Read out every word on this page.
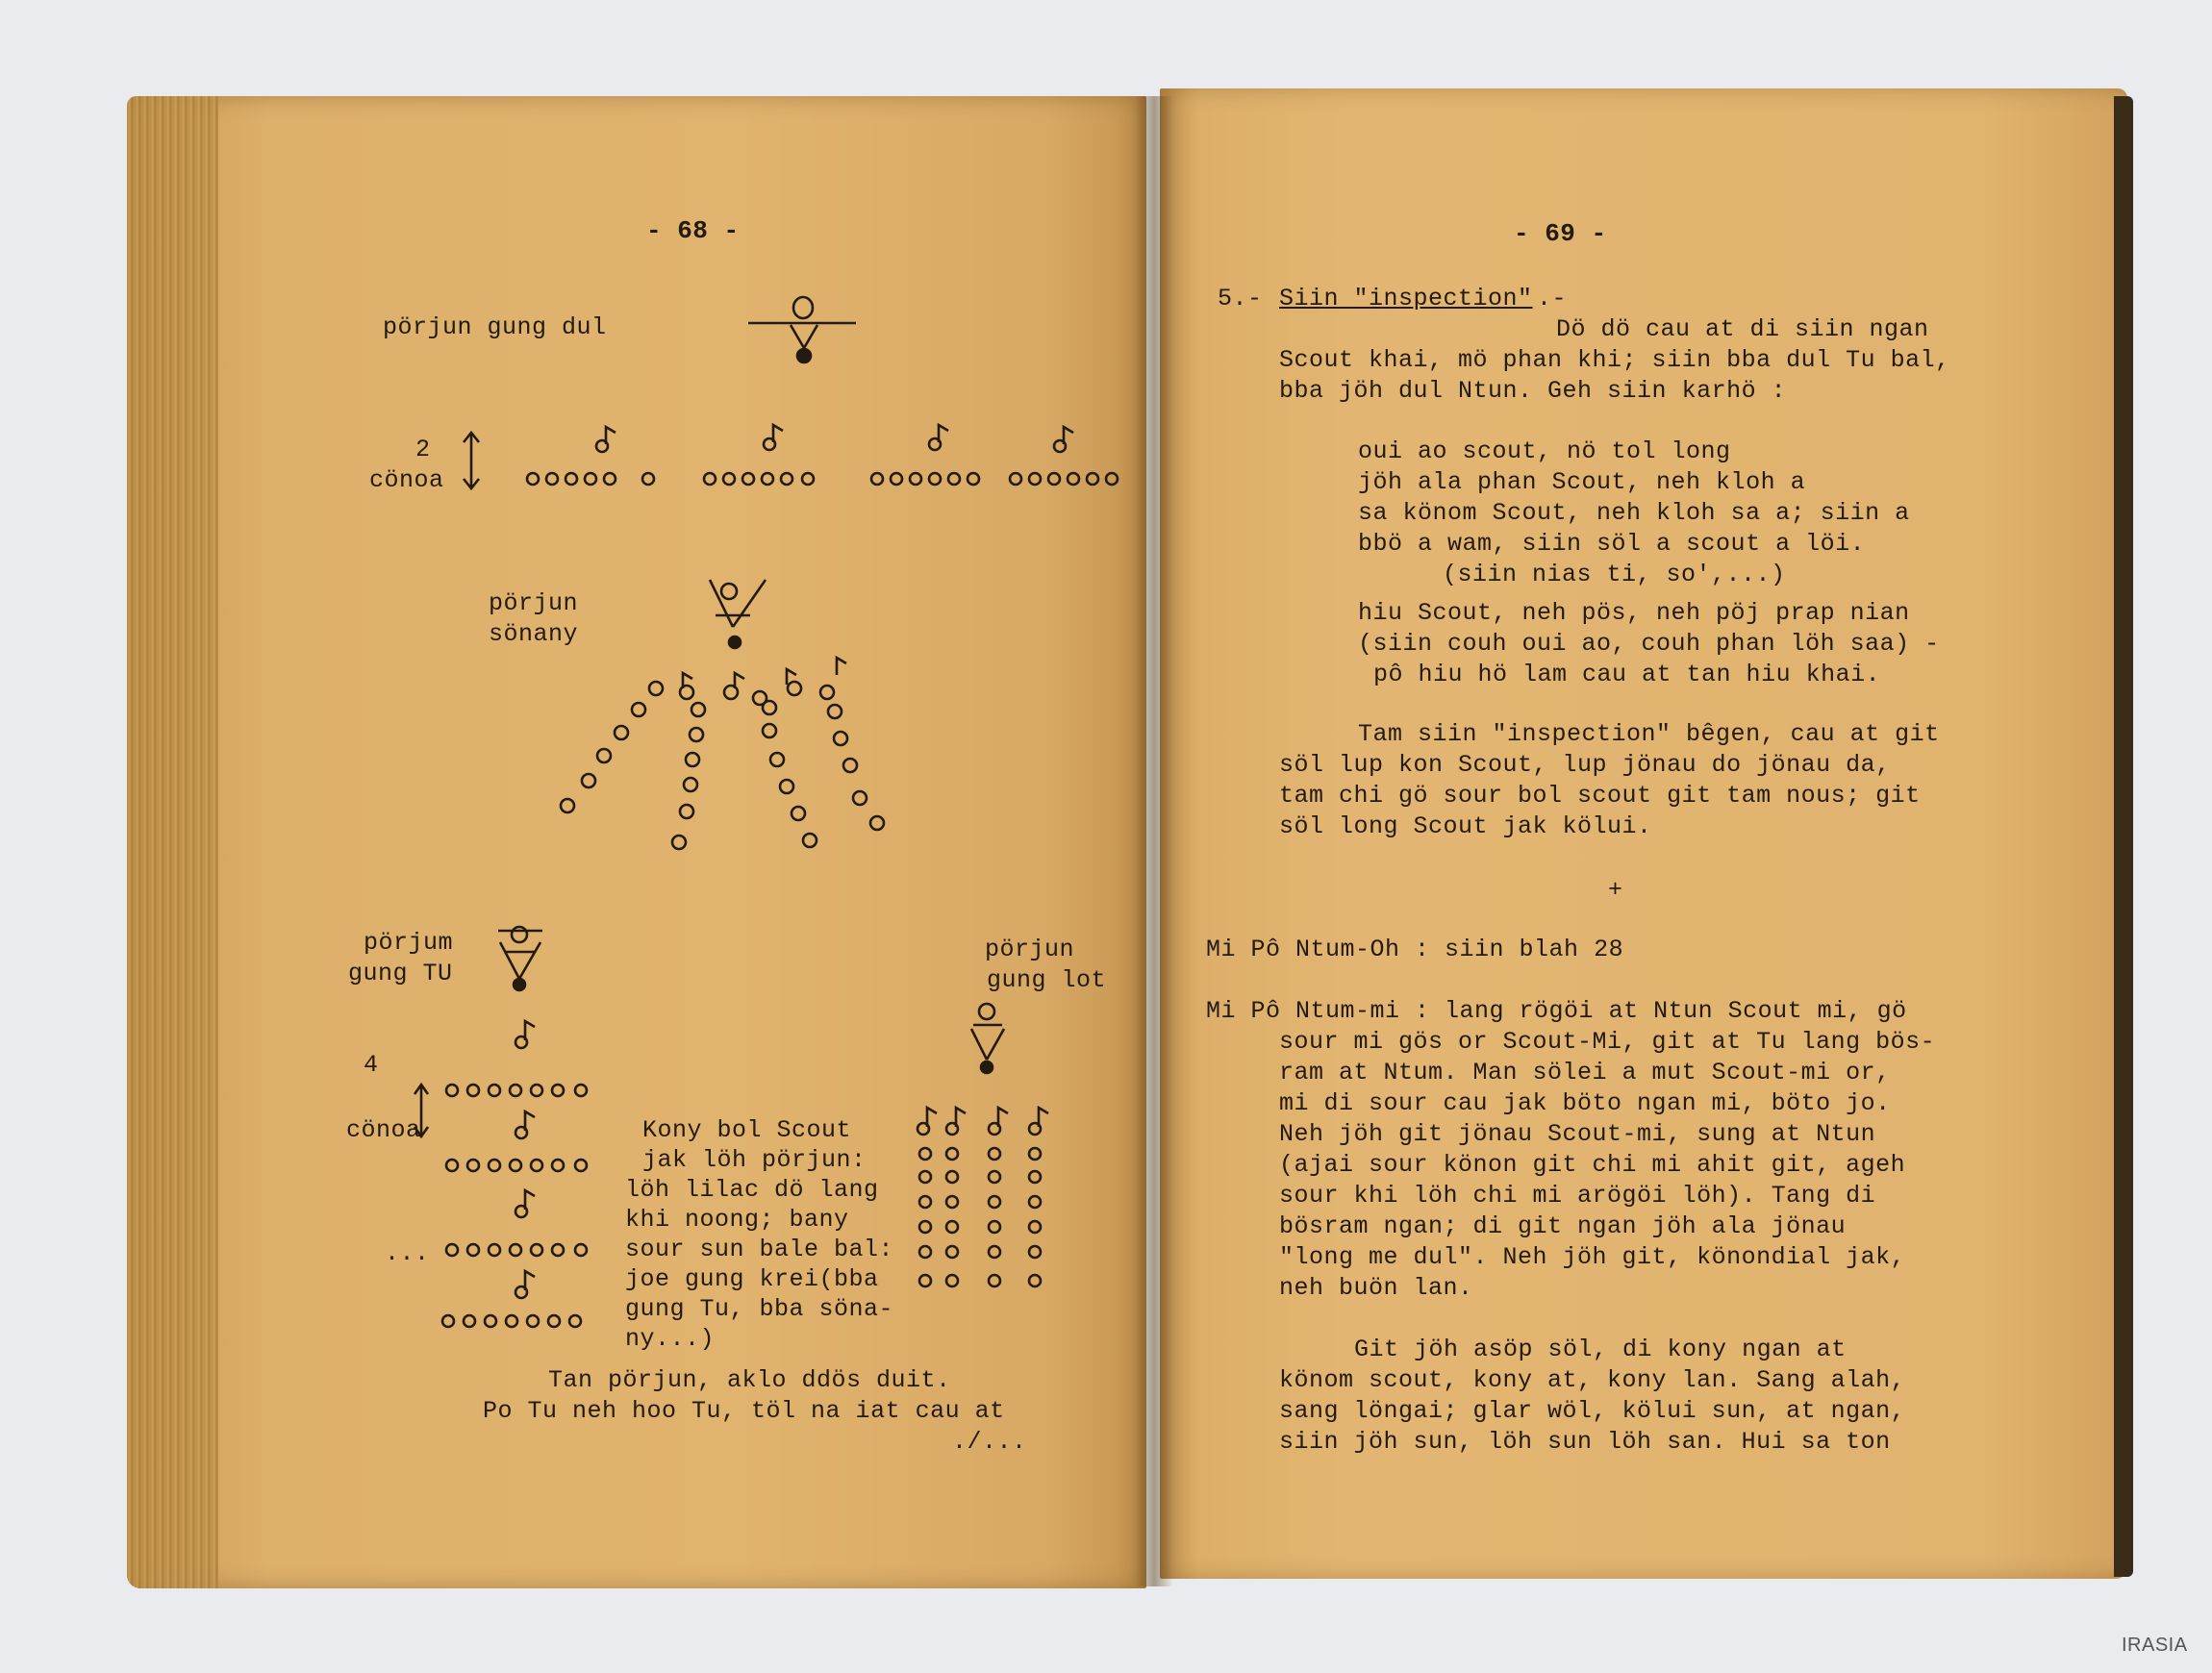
- 68 -
pörjun gung dul
2
cönoa
pörjun
sönany
pörjum
gung TU
pörjun
gung lot
4
cönoa
...
Kony bol Scout
jak löh pörjun:
löh lilac dö lang
khi noong; bany
sour sun bale bal:
joe gung krei(bba
gung Tu, bba söna-
ny...)
Tan pörjun, aklo ddös duit.
Po Tu neh hoo Tu, töl na iat cau at
./...
- 69 -
5.- Siin "inspection" .-
Dö dö cau at di siin ngan
Scout khai, mö phan khi; siin bba dul Tu bal,
bba jöh dul Ntun. Geh siin karhö :
oui ao scout, nö tol long
jöh ala phan Scout, neh kloh a
sa könom Scout, neh kloh sa a; siin a
bbö a wam, siin söl a scout a löi.
(siin nias ti, so',...)
hiu Scout, neh pös, neh pöj prap nian
(siin couh oui ao, couh phan löh saa) -
pô hiu hö lam cau at tan hiu khai.
Tam siin "inspection" bêgen, cau at git
söl lup kon Scout, lup jönau do jönau da,
tam chi gö sour bol scout git tam nous; git
söl long Scout jak kölui.
+
Mi Pô Ntum-Oh : siin blah 28
Mi Pô Ntum-mi : lang rögöi at Ntun Scout mi, gö
sour mi gös or Scout-Mi, git at Tu lang bös-
ram at Ntum. Man sölei a mut Scout-mi or,
mi di sour cau jak böto ngan mi, böto jo.
Neh jöh git jönau Scout-mi, sung at Ntun
(ajai sour könon git chi mi ahit git, ageh
sour khi löh chi mi arögöi löh). Tang di
bösram ngan; di git ngan jöh ala jönau
"long me dul". Neh jöh git, könondial jak,
neh buön lan.
Git jöh asöp söl, di kony ngan at
könom scout, kony at, kony lan. Sang alah,
sang löngai; glar wöl, kölui sun, at ngan,
siin jöh sun, löh sun löh san. Hui sa ton
IRASIA
